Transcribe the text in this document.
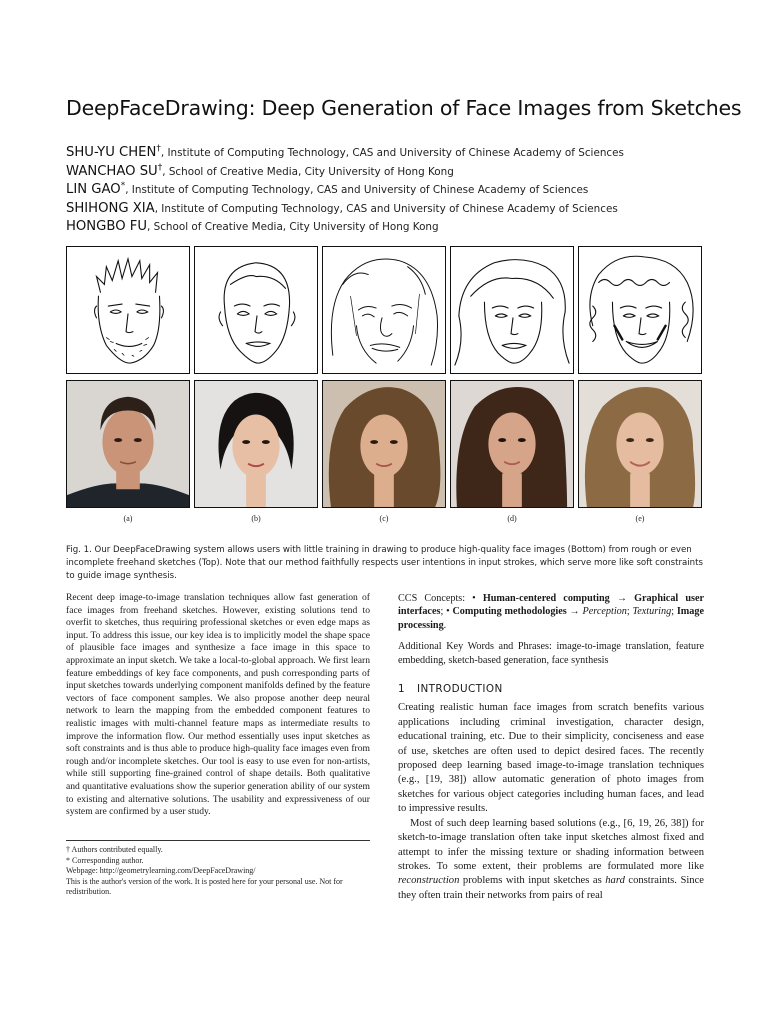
DeepFaceDrawing: Deep Generation of Face Images from Sketches
SHU-YU CHEN†, Institute of Computing Technology, CAS and University of Chinese Academy of Sciences
WANCHAO SU†, School of Creative Media, City University of Hong Kong
LIN GAO*, Institute of Computing Technology, CAS and University of Chinese Academy of Sciences
SHIHONG XIA, Institute of Computing Technology, CAS and University of Chinese Academy of Sciences
HONGBO FU, School of Creative Media, City University of Hong Kong
(a)	(b)	(c)	(d)	(e)
Fig. 1. Our DeepFaceDrawing system allows users with little training in drawing to produce high-quality face images (Bottom) from rough or even incomplete freehand sketches (Top). Note that our method faithfully respects user intentions in input strokes, which serve more like soft constraints to guide image synthesis.
Recent deep image-to-image translation techniques allow fast generation of face images from freehand sketches. However, existing solutions tend to overfit to sketches, thus requiring professional sketches or even edge maps as input. To address this issue, our key idea is to implicitly model the shape space of plausible face images and synthesize a face image in this space to approximate an input sketch. We take a local-to-global approach. We first learn feature embeddings of key face components, and push corresponding parts of input sketches towards underlying component manifolds defined by the feature vectors of face component samples. We also propose another deep neural network to learn the mapping from the embedded component features to realistic images with multi-channel feature maps as intermediate results to improve the information flow. Our method essentially uses input sketches as soft constraints and is thus able to produce high-quality face images even from rough and/or incomplete sketches. Our tool is easy to use even for non-artists, while still supporting fine-grained control of shape details. Both qualitative and quantitative evaluations show the superior generation ability of our system to existing and alternative solutions. The usability and expressiveness of our system are confirmed by a user study.
† Authors contributed equally.
* Corresponding author.
Webpage: http://geometrylearning.com/DeepFaceDrawing/
This is the author's version of the work. It is posted here for your personal use. Not for redistribution.
CCS Concepts: • Human-centered computing → Graphical user interfaces; • Computing methodologies → Perception; Texturing; Image processing.
Additional Key Words and Phrases: image-to-image translation, feature embedding, sketch-based generation, face synthesis
1 INTRODUCTION
Creating realistic human face images from scratch benefits various applications including criminal investigation, character design, educational training, etc. Due to their simplicity, conciseness and ease of use, sketches are often used to depict desired faces. The recently proposed deep learning based image-to-image translation techniques (e.g., [19, 38]) allow automatic generation of photo images from sketches for various object categories including human faces, and lead to impressive results.
Most of such deep learning based solutions (e.g., [6, 19, 26, 38]) for sketch-to-image translation often take input sketches almost fixed and attempt to infer the missing texture or shading information between strokes. To some extent, their problems are formulated more like reconstruction problems with input sketches as hard constraints. Since they often train their networks from pairs of real
